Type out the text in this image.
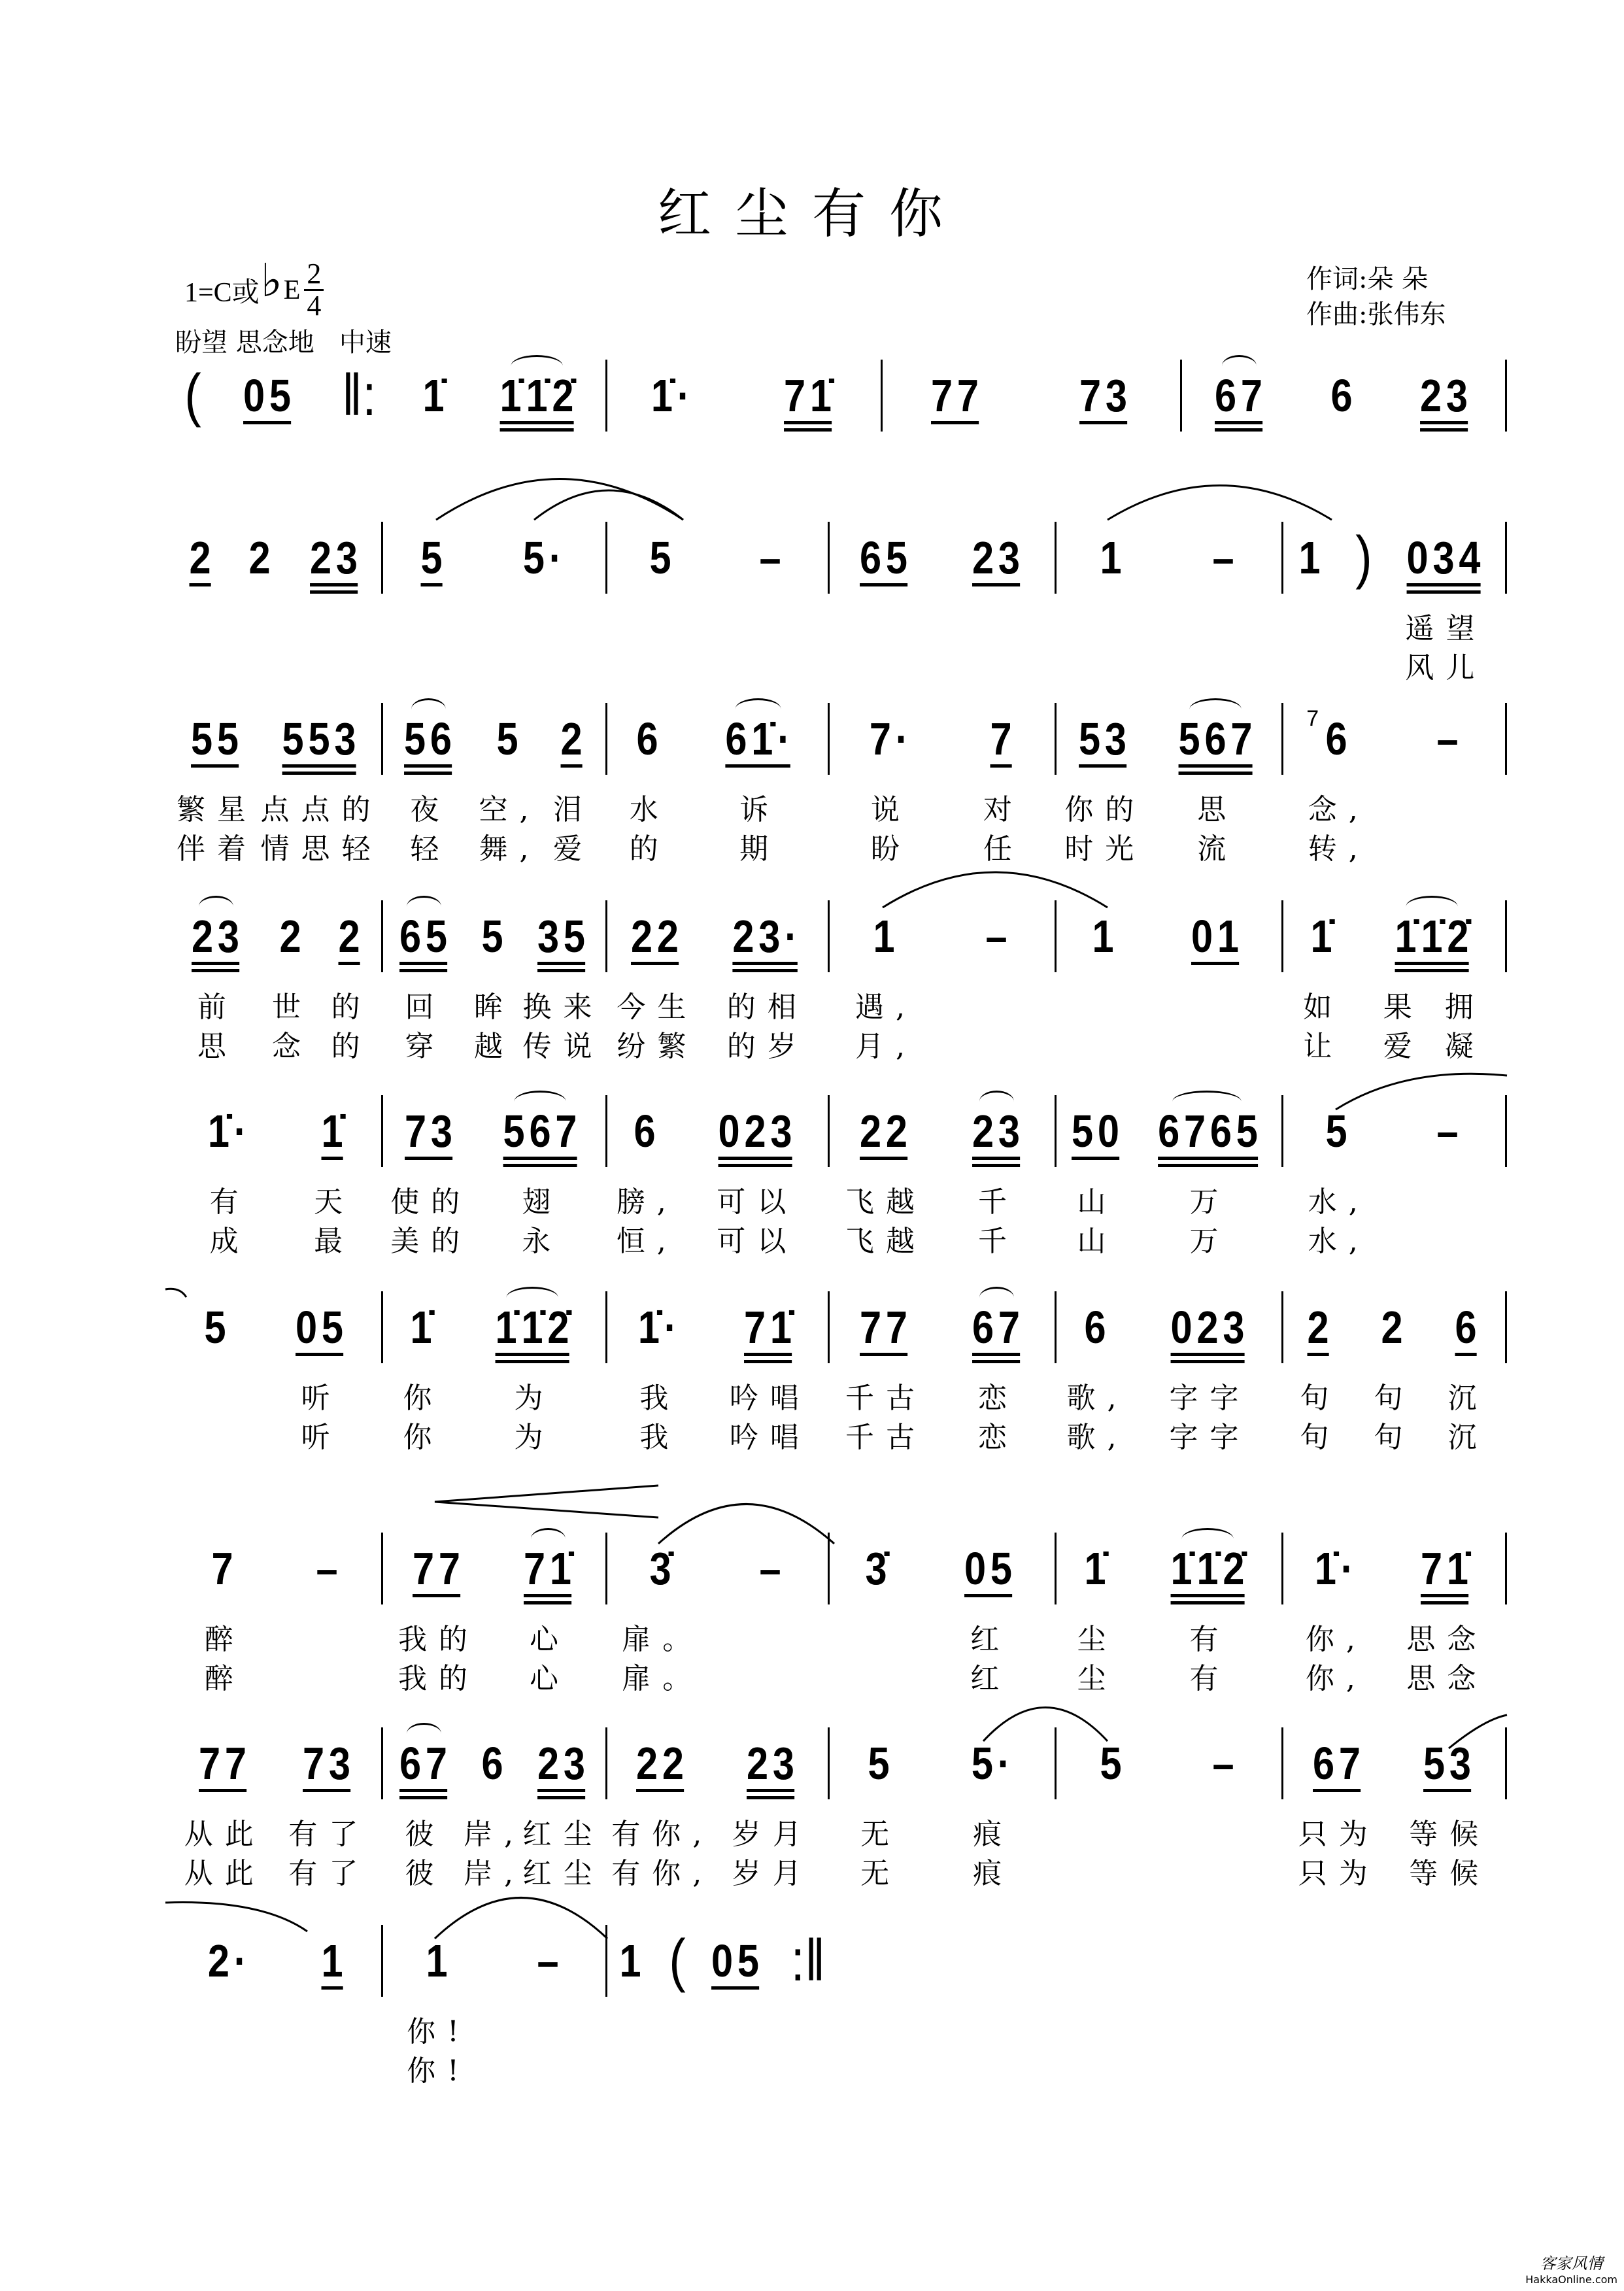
红尘有你
1=C或 ♭ E $\frac{2}{4}$
盼望 思念地   中速
作词:朵 朵
作曲:张伟东
( 05 ‖: 1̇ 1̇1̇2̇ 1̇· 71̇ 77 73 67 6 23
2 2 23 5 5· 5 – 65 23 1 – 1 ) 034
遥望
风儿
55
繁星
伴着
553
点点的
情思轻
56
夜
轻
5
空,
舞,
2
泪
爱
6
水
的
61̇·
诉
期
7·
说
盼
7
对
任
53
你的
时光
567
思
流
6
7
念,
转,
–
23
前
思
2
世
念
2
的
的
65
回
穿
5
眸
越
35
换来
传说
22
今生
纷繁
23·
的相
的岁
1
遇,
月,
– 1 01 1̇
如
让
1̇1̇2̇
果 拥
爱 凝
1̇·
有
成
1̇
天
最
73
使的
美的
567
翅
永
6
膀,
恒,
023
可以
可以
22
飞越
飞越
23
千
千
50
山
山
6765
万
万
5
水,
水,
–
5 05
听
听
1̇
你
你
1̇1̇2̇
为
为
1̇·
我
我
71̇
吟唱
吟唱
77
千古
千古
67
恋
恋
6
歌,
歌,
023
字字
字字
2
句
句
2
句
句
6
沉
沉
7
醉
醉
– 77
我的
我的
71̇
心
心
3̇
扉。
扉。
– 3̇ 05
红
红
1̇
尘
尘
1̇1̇2̇
有
有
1̇·
你,
你,
71̇
思念
思念
77
从此
从此
73
有了
有了
67
彼
彼
6
岸,
岸,
23
红尘
红尘
22
有你,
有你,
23
岁月
岁月
5
无
无
5·
痕
痕
5 – 67
只为
只为
53
等候
等候
2· 1 1
你!
你!
– 1 ( 05 :‖
客家风情
HakkaOnline.com
